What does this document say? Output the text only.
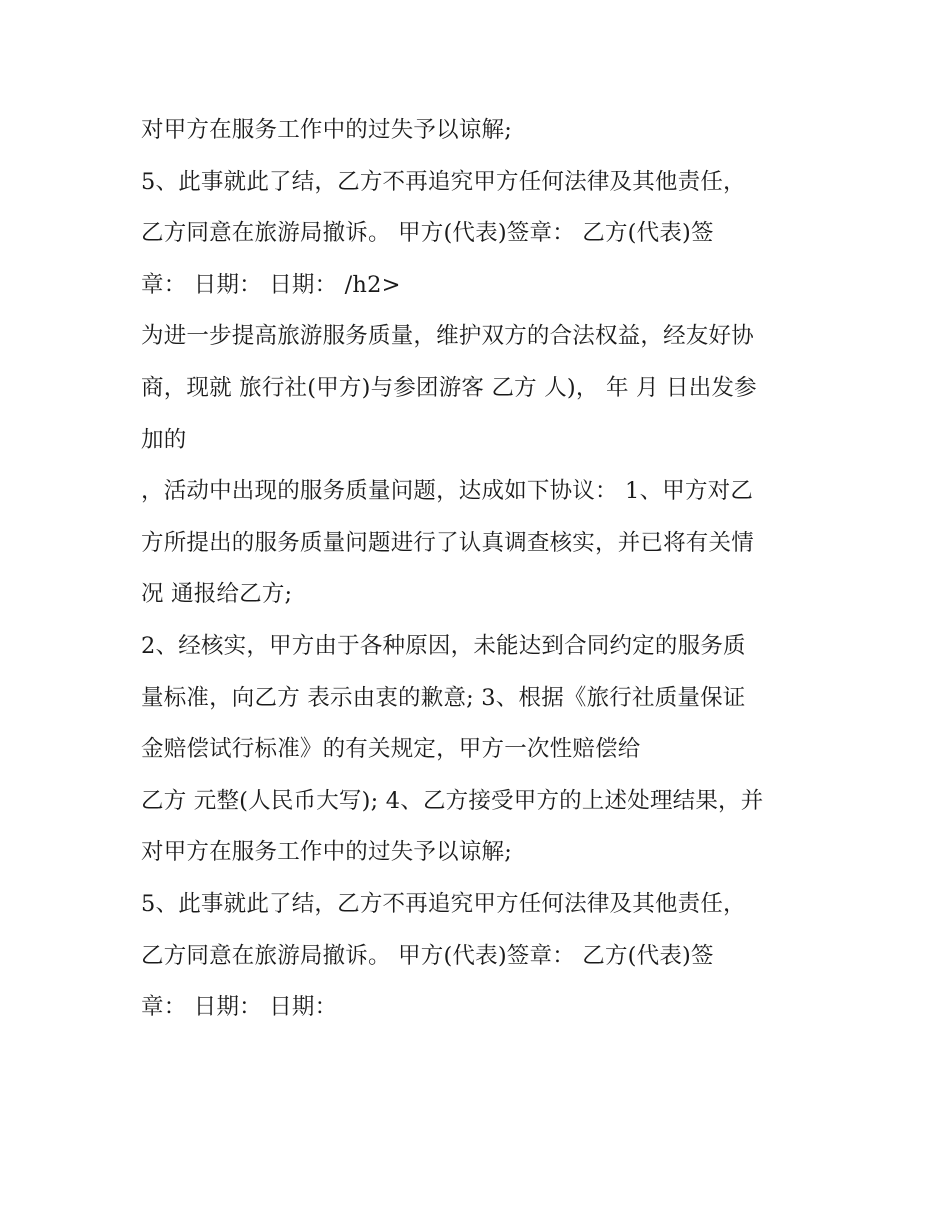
对甲方在服务工作中的过失予以谅解;
5、此事就此了结，乙方不再追究甲方任何法律及其他责任，
乙方同意在旅游局撤诉。 甲方(代表)签章： 乙方(代表)签
章： 日期： 日期： /h2>
为进一步提高旅游服务质量，维护双方的合法权益，经友好协
商，现就 旅行社(甲方)与参团游客 乙方 人)， 年 月 日出发参
加的
，活动中出现的服务质量问题，达成如下协议： 1、甲方对乙
方所提出的服务质量问题进行了认真调查核实，并已将有关情
况 通报给乙方;
2、经核实，甲方由于各种原因，未能达到合同约定的服务质
量标准，向乙方 表示由衷的歉意; 3、根据《旅行社质量保证
金赔偿试行标准》的有关规定，甲方一次性赔偿给
乙方 元整(人民币大写); 4、乙方接受甲方的上述处理结果，并
对甲方在服务工作中的过失予以谅解;
5、此事就此了结，乙方不再追究甲方任何法律及其他责任，
乙方同意在旅游局撤诉。 甲方(代表)签章： 乙方(代表)签
章： 日期： 日期：
